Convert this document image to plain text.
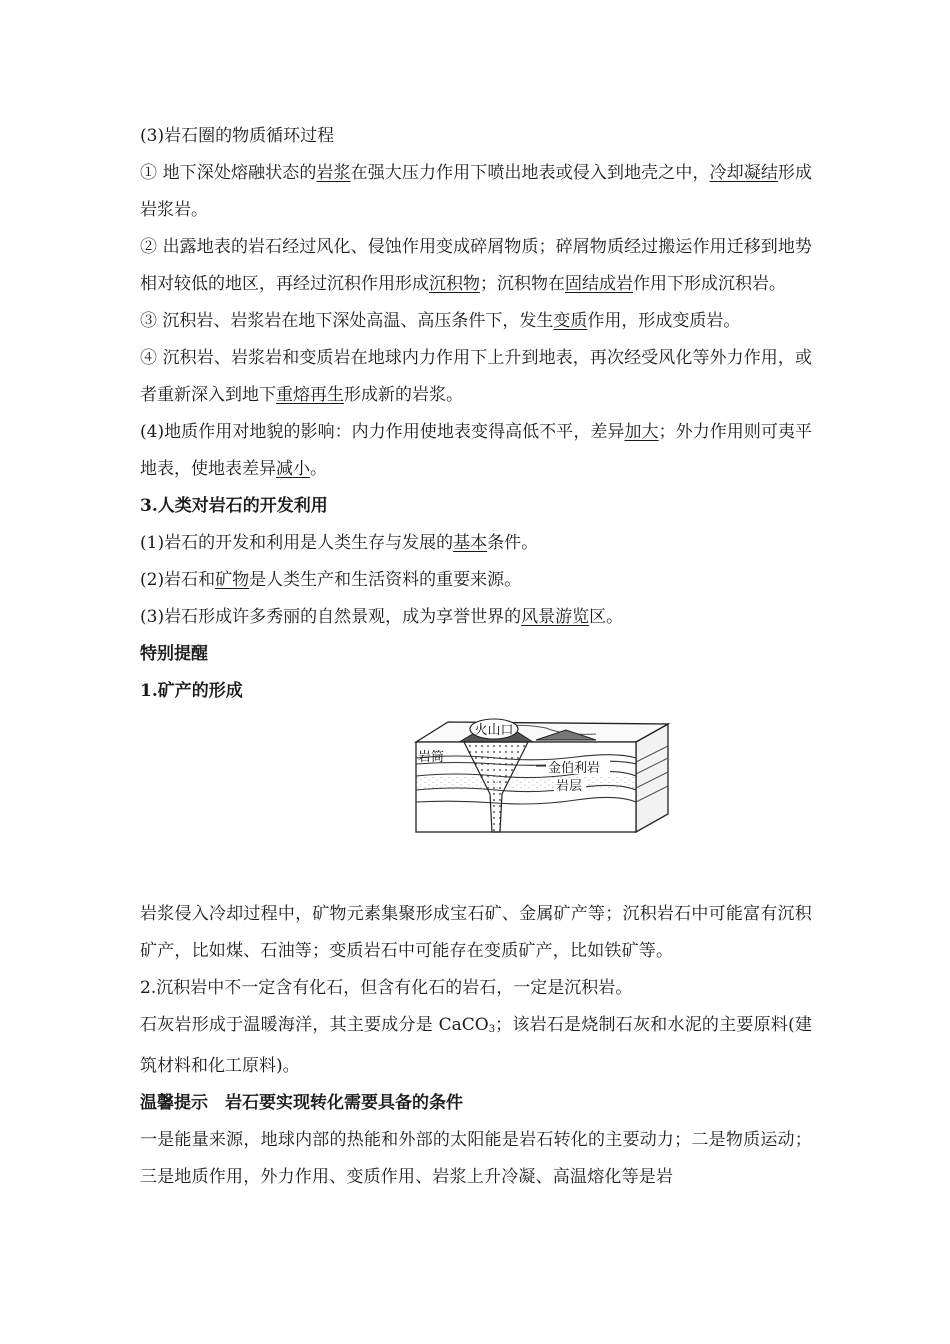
(3)岩石圈的物质循环过程

① 地下深处熔融状态的岩浆在强大压力作用下喷出地表或侵入到地壳之中，冷却凝结形成岩浆岩。

② 出露地表的岩石经过风化、侵蚀作用变成碎屑物质；碎屑物质经过搬运作用迁移到地势相对较低的地区，再经过沉积作用形成沉积物；沉积物在固结成岩作用下形成沉积岩。

③ 沉积岩、岩浆岩在地下深处高温、高压条件下，发生变质作用，形成变质岩。

④ 沉积岩、岩浆岩和变质岩在地球内力作用下上升到地表，再次经受风化等外力作用，或者重新深入到地下重熔再生形成新的岩浆。

(4)地质作用对地貌的影响：内力作用使地表变得高低不平，差异加大；外力作用则可夷平地表，使地表差异减小。

3.人类对岩石的开发利用

(1)岩石的开发和利用是人类生存与发展的基本条件。

(2)岩石和矿物是人类生产和生活资料的重要来源。

(3)岩石形成许多秀丽的自然景观，成为享誉世界的风景游览区。

特别提醒

1.矿产的形成

火山口
岩筒
金伯利岩
岩层

岩浆侵入冷却过程中，矿物元素集聚形成宝石矿、金属矿产等；沉积岩石中可能富有沉积矿产，比如煤、石油等；变质岩石中可能存在变质矿产，比如铁矿等。

2.沉积岩中不一定含有化石，但含有化石的岩石，一定是沉积岩。

石灰岩形成于温暖海洋，其主要成分是 CaCO$_3$；该岩石是烧制石灰和水泥的主要原料(建筑材料和化工原料)。

温馨提示　岩石要实现转化需要具备的条件

一是能量来源，地球内部的热能和外部的太阳能是岩石转化的主要动力；二是物质运动；三是地质作用，外力作用、变质作用、岩浆上升冷凝、高温熔化等是岩
